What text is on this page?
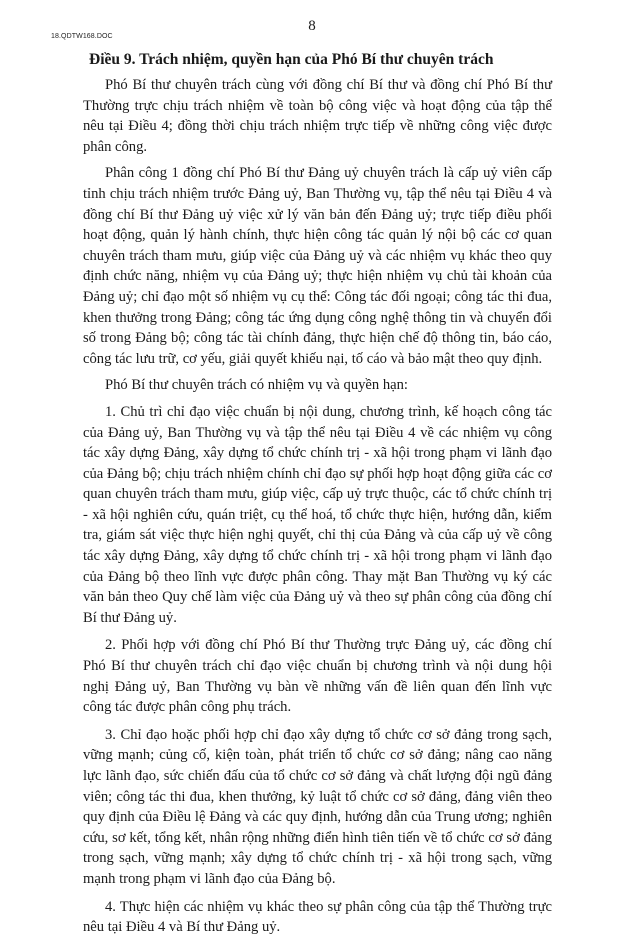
18.QDTW168.DOC
8
Điều 9. Trách nhiệm, quyền hạn của Phó Bí thư chuyên trách

Phó Bí thư chuyên trách cùng với đồng chí Bí thư và đồng chí Phó Bí thư Thường trực chịu trách nhiệm về toàn bộ công việc và hoạt động của tập thể nêu tại Điều 4; đồng thời chịu trách nhiệm trực tiếp về những công việc được phân công.

Phân công 1 đồng chí Phó Bí thư Đảng uỷ chuyên trách là cấp uỷ viên cấp tỉnh chịu trách nhiệm trước Đảng uỷ, Ban Thường vụ, tập thể nêu tại Điều 4 và đồng chí Bí thư Đảng uỷ việc xử lý văn bản đến Đảng uỷ; trực tiếp điều phối hoạt động, quản lý hành chính, thực hiện công tác quản lý nội bộ các cơ quan chuyên trách tham mưu, giúp việc của Đảng uỷ và các nhiệm vụ khác theo quy định chức năng, nhiệm vụ của Đảng uỷ; thực hiện nhiệm vụ chủ tài khoản của Đảng uỷ; chỉ đạo một số nhiệm vụ cụ thể: Công tác đối ngoại; công tác thi đua, khen thưởng trong Đảng; công tác ứng dụng công nghệ thông tin và chuyển đổi số trong Đảng bộ; công tác tài chính đảng, thực hiện chế độ thông tin, báo cáo, công tác lưu trữ, cơ yếu, giải quyết khiếu nại, tố cáo và bảo mật theo quy định.

Phó Bí thư chuyên trách có nhiệm vụ và quyền hạn:

1. Chủ trì chỉ đạo việc chuẩn bị nội dung, chương trình, kế hoạch công tác của Đảng uỷ, Ban Thường vụ và tập thể nêu tại Điều 4 về các nhiệm vụ công tác xây dựng Đảng, xây dựng tổ chức chính trị - xã hội trong phạm vi lãnh đạo của Đảng bộ; chịu trách nhiệm chính chỉ đạo sự phối hợp hoạt động giữa các cơ quan chuyên trách tham mưu, giúp việc, cấp uỷ trực thuộc, các tổ chức chính trị - xã hội nghiên cứu, quán triệt, cụ thể hoá, tổ chức thực hiện, hướng dẫn, kiểm tra, giám sát việc thực hiện nghị quyết, chỉ thị của Đảng và của cấp uỷ về công tác xây dựng Đảng, xây dựng tổ chức chính trị - xã hội trong phạm vi lãnh đạo của Đảng bộ theo lĩnh vực được phân công. Thay mặt Ban Thường vụ ký các văn bản theo Quy chế làm việc của Đảng uỷ và theo sự phân công của đồng chí Bí thư Đảng uỷ.

2. Phối hợp với đồng chí Phó Bí thư Thường trực Đảng uỷ, các đồng chí Phó Bí thư chuyên trách chỉ đạo việc chuẩn bị chương trình và nội dung hội nghị Đảng uỷ, Ban Thường vụ bàn về những vấn đề liên quan đến lĩnh vực công tác được phân công phụ trách.

3. Chỉ đạo hoặc phối hợp chỉ đạo xây dựng tổ chức cơ sở đảng trong sạch, vững mạnh; củng cố, kiện toàn, phát triển tổ chức cơ sở đảng; nâng cao năng lực lãnh đạo, sức chiến đấu của tổ chức cơ sở đảng và chất lượng đội ngũ đảng viên; công tác thi đua, khen thưởng, kỷ luật tổ chức cơ sở đảng, đảng viên theo quy định của Điều lệ Đảng và các quy định, hướng dẫn của Trung ương; nghiên cứu, sơ kết, tổng kết, nhân rộng những điển hình tiên tiến về tổ chức cơ sở đảng trong sạch, vững mạnh; xây dựng tổ chức chính trị - xã hội trong sạch, vững mạnh trong phạm vi lãnh đạo của Đảng bộ.

4. Thực hiện các nhiệm vụ khác theo sự phân công của tập thể Thường trực nêu tại Điều 4 và Bí thư Đảng uỷ.
